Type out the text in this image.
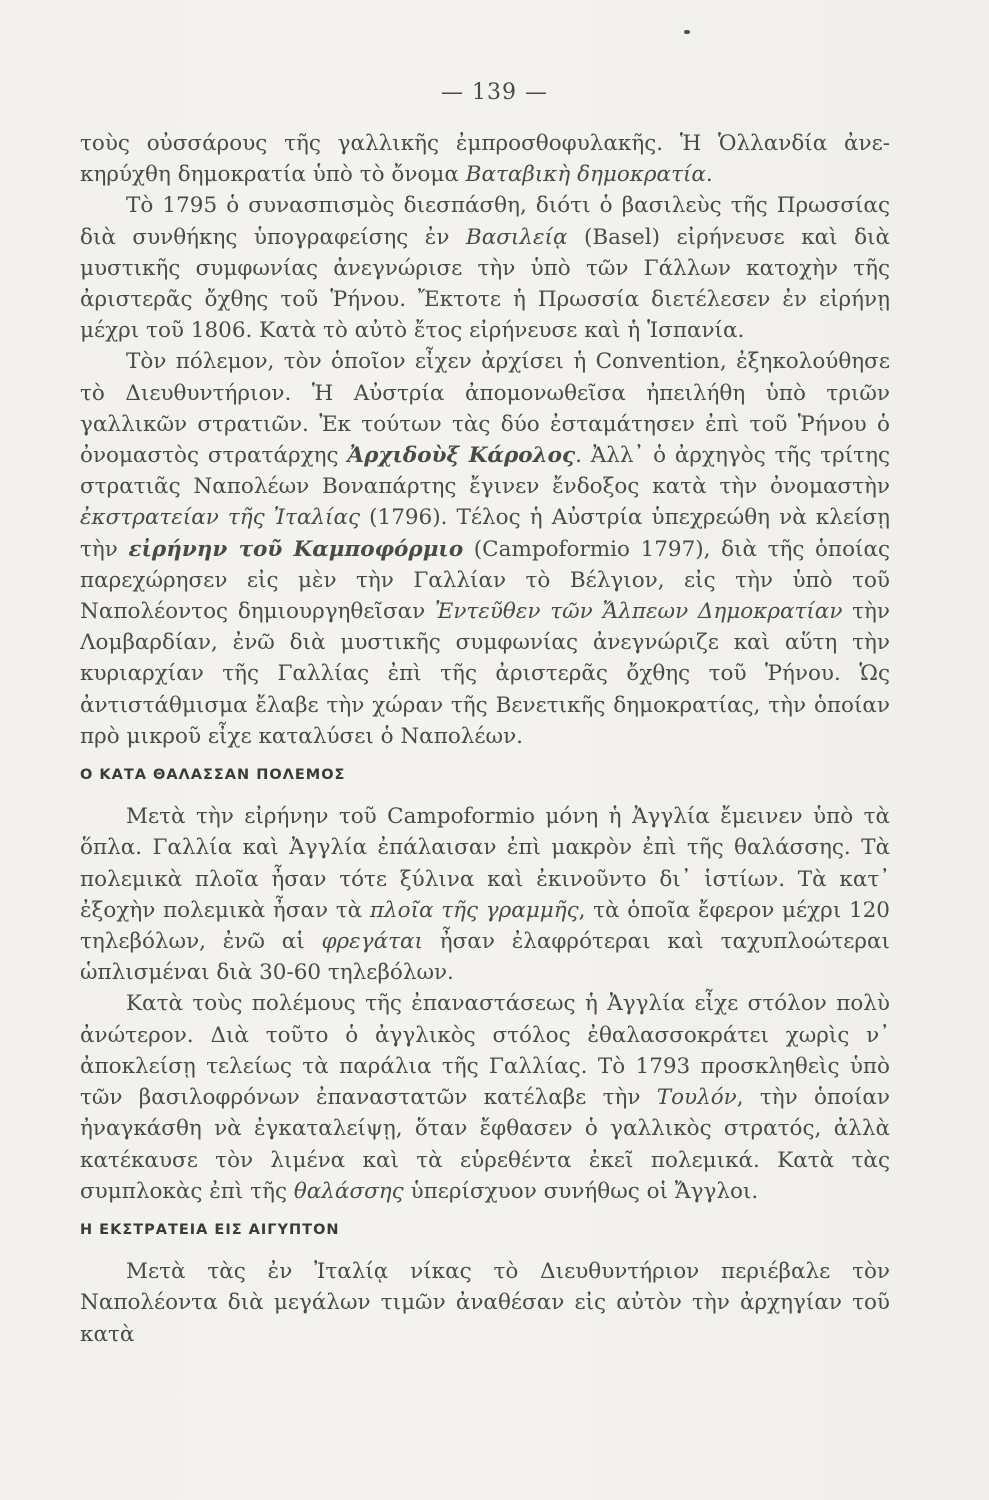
— 139 —

τοὺς οὐσσάρους τῆς γαλλικῆς ἐμπροσθοφυλακῆς. Ἡ Ὁλλανδία ἀνε-κηρύχθη δημοκρατία ὑπὸ τὸ ὄνομα Βαταβικὴ δημοκρατία.

Τὸ 1795 ὁ συνασπισμὸς διεσπάσθη, διότι ὁ βασιλεὺς τῆς Πρωσσίας διὰ συνθήκης ὑπογραφείσης ἐν Βασιλείᾳ (Basel) εἰρήνευσε καὶ διὰ μυστικῆς συμφωνίας ἀνεγνώρισε τὴν ὑπὸ τῶν Γάλλων κατοχὴν τῆς ἀριστερᾶς ὄχθης τοῦ Ῥήνου. Ἔκτοτε ἡ Πρωσσία διετέλεσεν ἐν εἰρήνῃ μέχρι τοῦ 1806. Κατὰ τὸ αὐτὸ ἔτος εἰρήνευσε καὶ ἡ Ἱσπανία.

Τὸν πόλεμον, τὸν ὁποῖον εἶχεν ἀρχίσει ἡ Convention, ἐξηκολούθησε τὸ Διευθυντήριον. Ἡ Αὐστρία ἀπομονωθεῖσα ἠπειλήθη ὑπὸ τριῶν γαλλικῶν στρατιῶν. Ἐκ τούτων τὰς δύο ἐσταμάτησεν ἐπὶ τοῦ Ῥήνου ὁ ὀνομαστὸς στρατάρχης Ἀρχιδοὺξ Κάρολος. Ἀλλ᾽ ὁ ἀρχηγὸς τῆς τρίτης στρατιᾶς Ναπολέων Βοναπάρτης ἔγινεν ἔνδοξος κατὰ τὴν ὀνομαστὴν ἐκστρατείαν τῆς Ἰταλίας (1796). Τέλος ἡ Αὐστρία ὑπεχρεώθη νὰ κλείσῃ τὴν εἰρήνην τοῦ Καμποφόρμιο (Campoformio 1797), διὰ τῆς ὁποίας παρεχώρησεν εἰς μὲν τὴν Γαλλίαν τὸ Βέλγιον, εἰς τὴν ὑπὸ τοῦ Ναπολέοντος δημιουργηθεῖσαν Ἐντεῦθεν τῶν Ἄλπεων Δημοκρατίαν τὴν Λομβαρδίαν, ἐνῶ διὰ μυστικῆς συμφωνίας ἀνεγνώριζε καὶ αὕτη τὴν κυριαρχίαν τῆς Γαλλίας ἐπὶ τῆς ἀριστερᾶς ὄχθης τοῦ Ῥήνου. Ὡς ἀντιστάθμισμα ἔλαβε τὴν χώραν τῆς Βενετικῆς δημοκρατίας, τὴν ὁποίαν πρὸ μικροῦ εἶχε καταλύσει ὁ Ναπολέων.

Ο ΚΑΤΑ ΘΑΛΑΣΣΑΝ ΠΟΛΕΜΟΣ

Μετὰ τὴν εἰρήνην τοῦ Campoformio μόνη ἡ Ἀγγλία ἔμεινεν ὑπὸ τὰ ὅπλα. Γαλλία καὶ Ἀγγλία ἐπάλαισαν ἐπὶ μακρὸν ἐπὶ τῆς θαλάσσης. Τὰ πολεμικὰ πλοῖα ἦσαν τότε ξύλινα καὶ ἐκινοῦντο δι᾽ ἱστίων. Τὰ κατ᾽ ἐξοχὴν πολεμικὰ ἦσαν τὰ πλοῖα τῆς γραμμῆς, τὰ ὁποῖα ἔφερον μέχρι 120 τηλεβόλων, ἐνῶ αἱ φρεγάται ἦσαν ἐλαφρότεραι καὶ ταχυπλοώτεραι ὡπλισμέναι διὰ 30-60 τηλεβόλων.

Κατὰ τοὺς πολέμους τῆς ἐπαναστάσεως ἡ Ἀγγλία εἶχε στόλον πολὺ ἀνώτερον. Διὰ τοῦτο ὁ ἀγγλικὸς στόλος ἐθαλασσοκράτει χωρὶς ν᾽ ἀποκλείσῃ τελείως τὰ παράλια τῆς Γαλλίας. Τὸ 1793 προσκληθεὶς ὑπὸ τῶν βασιλοφρόνων ἐπαναστατῶν κατέλαβε τὴν Τουλόν, τὴν ὁποίαν ἠναγκάσθη νὰ ἐγκαταλείψῃ, ὅταν ἔφθασεν ὁ γαλλικὸς στρατός, ἀλλὰ κατέκαυσε τὸν λιμένα καὶ τὰ εὑρεθέντα ἐκεῖ πολεμικά. Κατὰ τὰς συμπλοκὰς ἐπὶ τῆς θαλάσσης ὑπερίσχυον συνήθως οἱ Ἄγγλοι.

Η ΕΚΣΤΡΑΤΕΙΑ ΕΙΣ ΑΙΓΥΠΤΟΝ

Μετὰ τὰς ἐν Ἰταλίᾳ νίκας τὸ Διευθυντήριον περιέβαλε τὸν Ναπολέοντα διὰ μεγάλων τιμῶν ἀναθέσαν εἰς αὐτὸν τὴν ἀρχηγίαν τοῦ κατὰ
